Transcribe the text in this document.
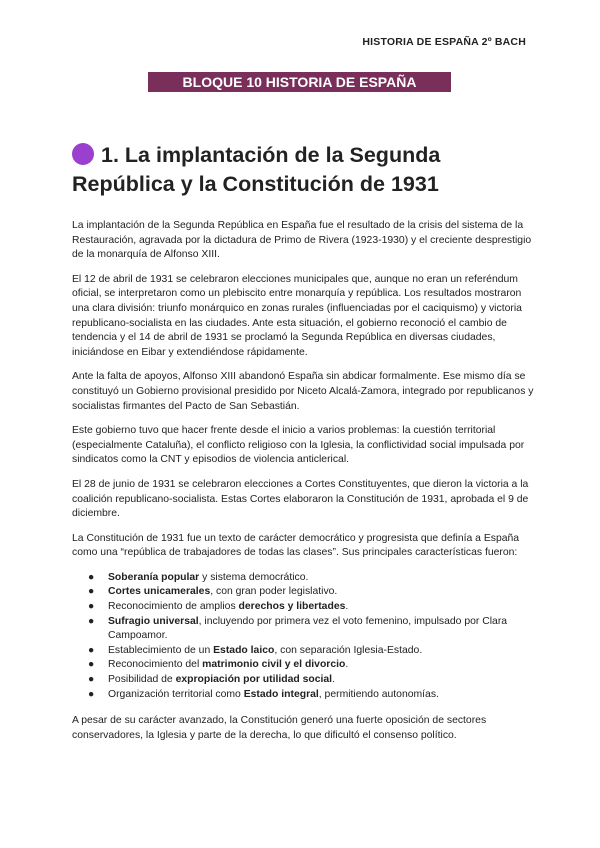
HISTORIA DE ESPAÑA 2º BACH
BLOQUE 10 HISTORIA DE ESPAÑA
1. La implantación de la Segunda República y la Constitución de 1931

La implantación de la Segunda República en España fue el resultado de la crisis del sistema de la Restauración, agravada por la dictadura de Primo de Rivera (1923-1930) y el creciente desprestigio de la monarquía de Alfonso XIII.

El 12 de abril de 1931 se celebraron elecciones municipales que, aunque no eran un referéndum oficial, se interpretaron como un plebiscito entre monarquía y república. Los resultados mostraron una clara división: triunfo monárquico en zonas rurales (influenciadas por el caciquismo) y victoria republicano-socialista en las ciudades. Ante esta situación, el gobierno reconoció el cambio de tendencia y el 14 de abril de 1931 se proclamó la Segunda República en diversas ciudades, iniciándose en Eibar y extendiéndose rápidamente.

Ante la falta de apoyos, Alfonso XIII abandonó España sin abdicar formalmente. Ese mismo día se constituyó un Gobierno provisional presidido por Niceto Alcalá-Zamora, integrado por republicanos y socialistas firmantes del Pacto de San Sebastián.

Este gobierno tuvo que hacer frente desde el inicio a varios problemas: la cuestión territorial (especialmente Cataluña), el conflicto religioso con la Iglesia, la conflictividad social impulsada por sindicatos como la CNT y episodios de violencia anticlerical.

El 28 de junio de 1931 se celebraron elecciones a Cortes Constituyentes, que dieron la victoria a la coalición republicano-socialista. Estas Cortes elaboraron la Constitución de 1931, aprobada el 9 de diciembre.

La Constitución de 1931 fue un texto de carácter democrático y progresista que definía a España como una “república de trabajadores de todas las clases”. Sus principales características fueron:

● Soberanía popular y sistema democrático.
● Cortes unicamerales, con gran poder legislativo.
● Reconocimiento de amplios derechos y libertades.
● Sufragio universal, incluyendo por primera vez el voto femenino, impulsado por Clara Campoamor.
● Establecimiento de un Estado laico, con separación Iglesia-Estado.
● Reconocimiento del matrimonio civil y el divorcio.
● Posibilidad de expropiación por utilidad social.
● Organización territorial como Estado integral, permitiendo autonomías.

A pesar de su carácter avanzado, la Constitución generó una fuerte oposición de sectores conservadores, la Iglesia y parte de la derecha, lo que dificultó el consenso político.
